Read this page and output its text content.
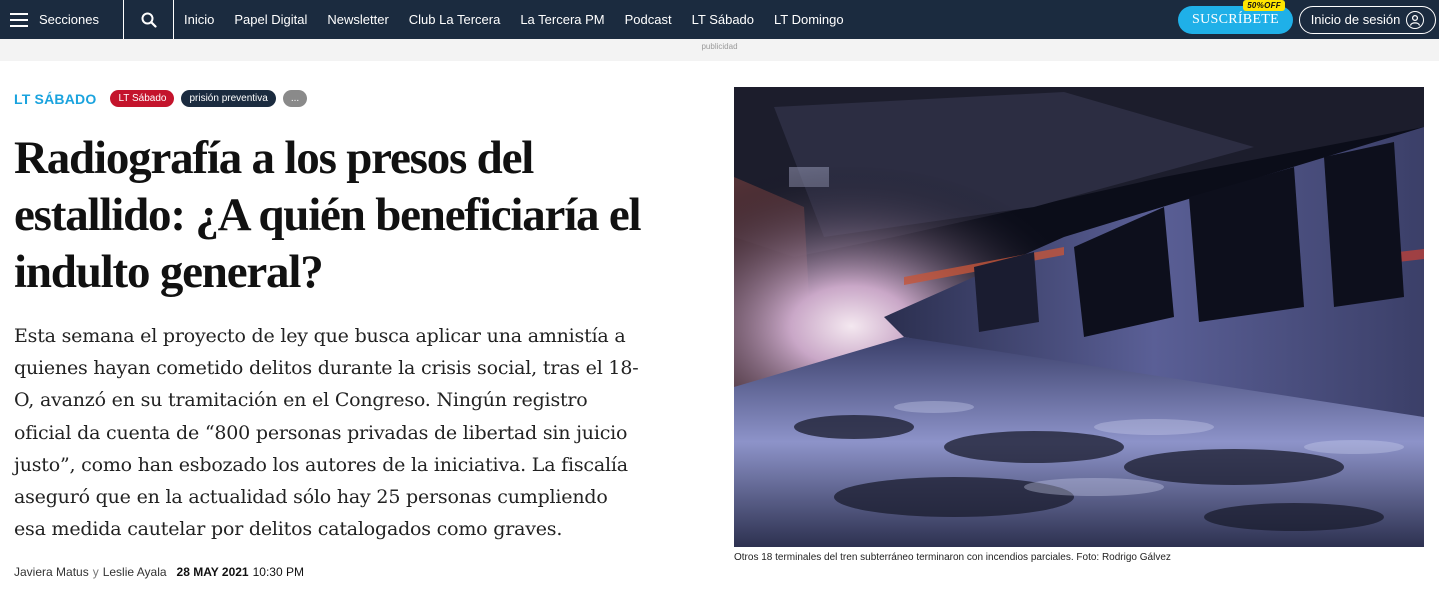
Secciones	Inicio Papel Digital Newsletter Club La Tercera La Tercera PM Podcast LT Sábado LT Domingo	SUSCRÍBETE
50%OFF
Inicio de sesión
publicidad
LT SÁBADO	LT Sábado	prisión preventiva	...
Radiografía a los presos del estallido: ¿A quién beneficiaría el indulto general?

Esta semana el proyecto de ley que busca aplicar una amnistía a quienes hayan cometido delitos durante la crisis social, tras el 18-O, avanzó en su tramitación en el Congreso. Ningún registro oficial da cuenta de “800 personas privadas de libertad sin juicio justo”, como han esbozado los autores de la iniciativa. La fiscalía aseguró que en la actualidad sólo hay 25 personas cumpliendo esa medida cautelar por delitos catalogados como graves.

Javiera Matus y Leslie Ayala 28 MAY 2021 10:30 PM
Otros 18 terminales del tren subterráneo terminaron con incendios parciales. Foto: Rodrigo Gálvez
